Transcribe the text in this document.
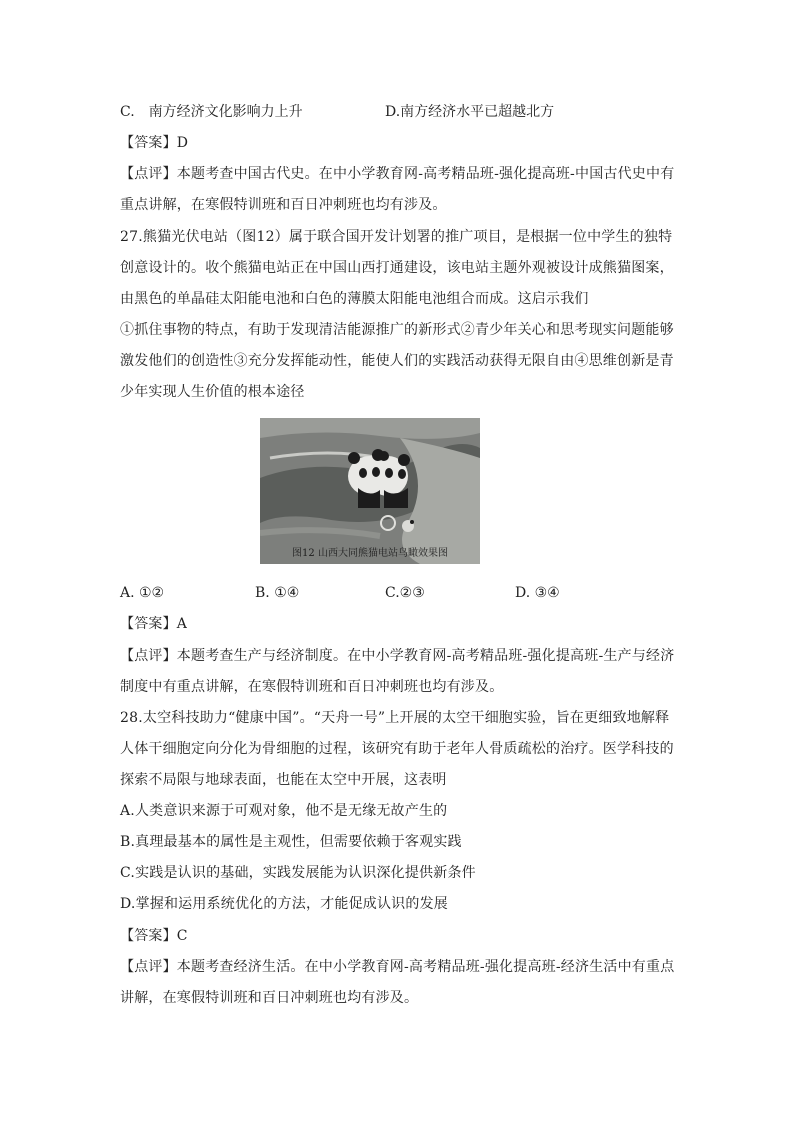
C.　南方经济文化影响力上升	D.南方经济水平已超越北方
【答案】D
【点评】本题考查中国古代史。在中小学教育网-高考精品班-强化提高班-中国古代史中有
重点讲解，在寒假特训班和百日冲刺班也均有涉及。
27.熊猫光伏电站（图12）属于联合国开发计划署的推广项目，是根据一位中学生的独特
创意设计的。收个熊猫电站正在中国山西打通建设，该电站主题外观被设计成熊猫图案，
由黑色的单晶硅太阳能电池和白色的薄膜太阳能电池组合而成。这启示我们
①抓住事物的特点，有助于发现清洁能源推广的新形式②青少年关心和思考现实问题能够
激发他们的创造性③充分发挥能动性，能使人们的实践活动获得无限自由④思维创新是青
少年实现人生价值的根本途径
图12 山西大同熊猫电站鸟瞰效果图
A. ①②	B. ①④	C.②③	D. ③④
【答案】A
【点评】本题考查生产与经济制度。在中小学教育网-高考精品班-强化提高班-生产与经济
制度中有重点讲解，在寒假特训班和百日冲刺班也均有涉及。
28.太空科技助力“健康中国”。“天舟一号”上开展的太空干细胞实验，旨在更细致地解释
人体干细胞定向分化为骨细胞的过程，该研究有助于老年人骨质疏松的治疗。医学科技的
探索不局限与地球表面，也能在太空中开展，这表明
A.人类意识来源于可观对象，他不是无缘无故产生的
B.真理最基本的属性是主观性，但需要依赖于客观实践
C.实践是认识的基础，实践发展能为认识深化提供新条件
D.掌握和运用系统优化的方法，才能促成认识的发展
【答案】C
【点评】本题考查经济生活。在中小学教育网-高考精品班-强化提高班-经济生活中有重点
讲解，在寒假特训班和百日冲刺班也均有涉及。
